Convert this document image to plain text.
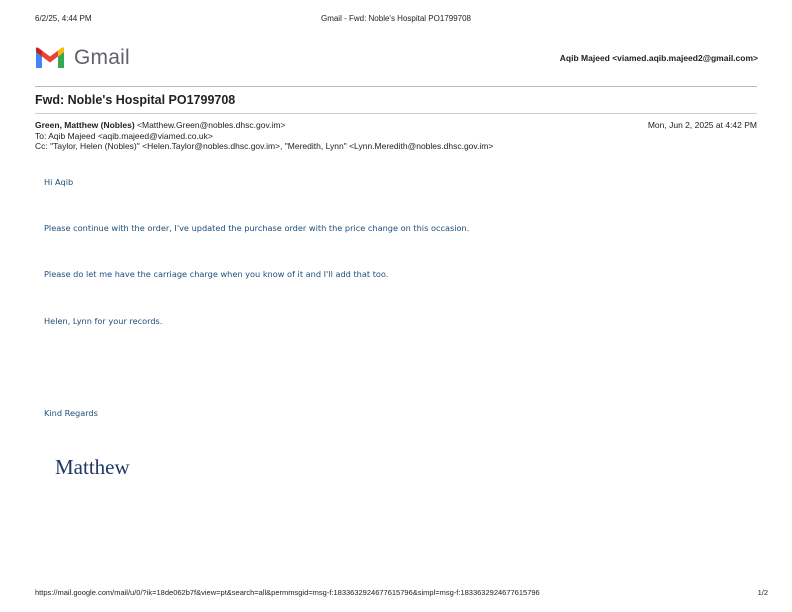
6/2/25, 4:44 PM	Gmail - Fwd: Noble's Hospital PO1799708
Gmail	Aqib Majeed <viamed.aqib.majeed2@gmail.com>
Fwd: Noble's Hospital PO1799708
Green, Matthew (Nobles) <Matthew.Green@nobles.dhsc.gov.im>	Mon, Jun 2, 2025 at 4:42 PM
To: Aqib Majeed <aqib.majeed@viamed.co.uk>
Cc: "Taylor, Helen (Nobles)" <Helen.Taylor@nobles.dhsc.gov.im>, "Meredith, Lynn" <Lynn.Meredith@nobles.dhsc.gov.im>
Hi Aqib
Please continue with the order, I've updated the purchase order with the price change on this occasion.
Please do let me have the carriage charge when you know of it and I'll add that too.
Helen, Lynn for your records.
Kind Regards
Matthew
https://mail.google.com/mail/u/0/?ik=18de062b7f&view=pt&search=all&permmsgid=msg-f:1833632924677615796&simpl=msg-f:1833632924677615796	1/2
